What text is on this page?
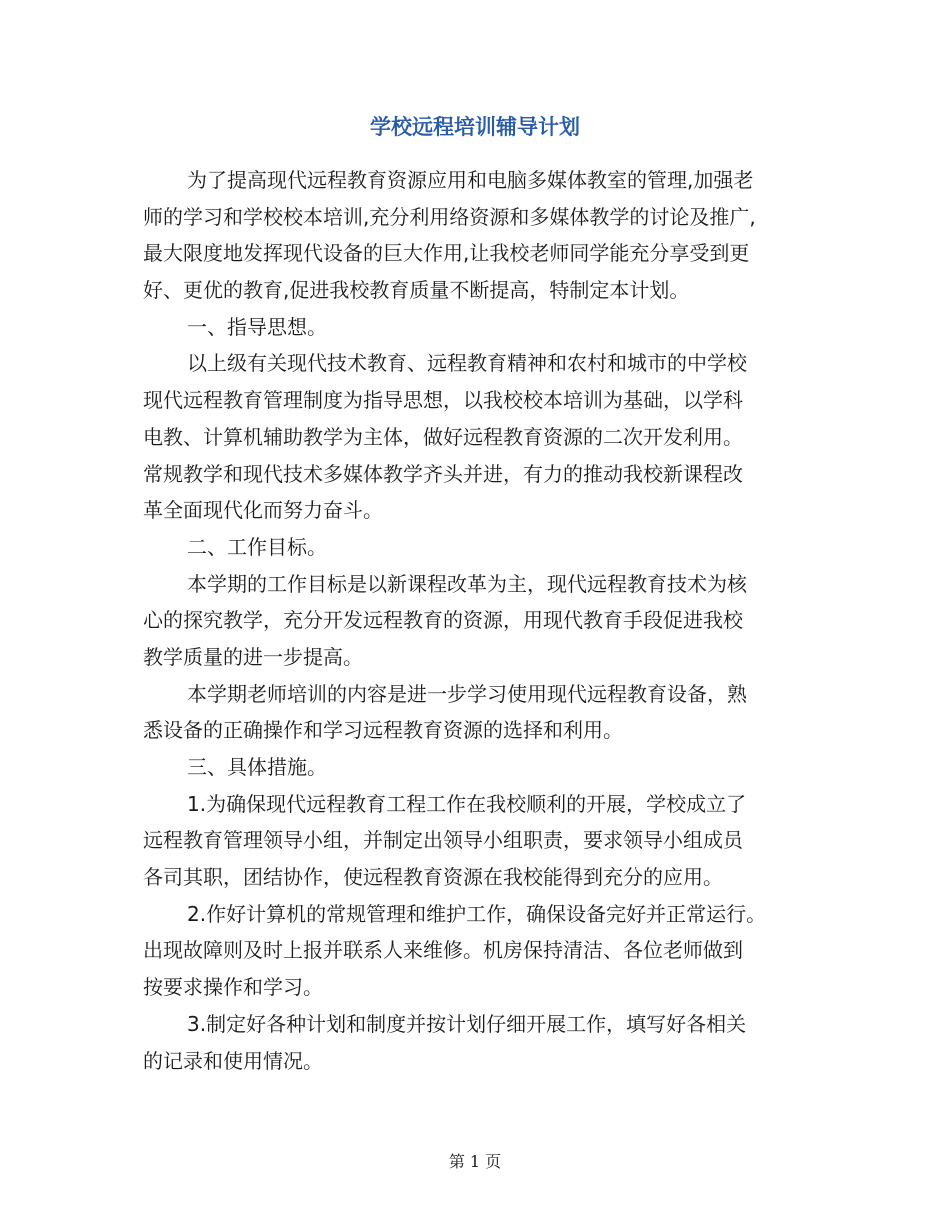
学校远程培训辅导计划
为了提高现代远程教育资源应用和电脑多媒体教室的管理,加强老
师的学习和学校校本培训,充分利用络资源和多媒体教学的讨论及推广,
最大限度地发挥现代设备的巨大作用,让我校老师同学能充分享受到更
好、更优的教育,促进我校教育质量不断提高，特制定本计划。
一、指导思想。
以上级有关现代技术教育、远程教育精神和农村和城市的中学校
现代远程教育管理制度为指导思想，以我校校本培训为基础，以学科
电教、计算机辅助教学为主体，做好远程教育资源的二次开发利用。
常规教学和现代技术多媒体教学齐头并进，有力的推动我校新课程改
革全面现代化而努力奋斗。
二、工作目标。
本学期的工作目标是以新课程改革为主，现代远程教育技术为核
心的探究教学，充分开发远程教育的资源，用现代教育手段促进我校
教学质量的进一步提高。
本学期老师培训的内容是进一步学习使用现代远程教育设备，熟
悉设备的正确操作和学习远程教育资源的选择和利用。
三、具体措施。
1.为确保现代远程教育工程工作在我校顺利的开展，学校成立了
远程教育管理领导小组，并制定出领导小组职责，要求领导小组成员
各司其职，团结协作，使远程教育资源在我校能得到充分的应用。
2.作好计算机的常规管理和维护工作，确保设备完好并正常运行。
出现故障则及时上报并联系人来维修。机房保持清洁、各位老师做到
按要求操作和学习。
3.制定好各种计划和制度并按计划仔细开展工作，填写好各相关
的记录和使用情况。
第 1 页
